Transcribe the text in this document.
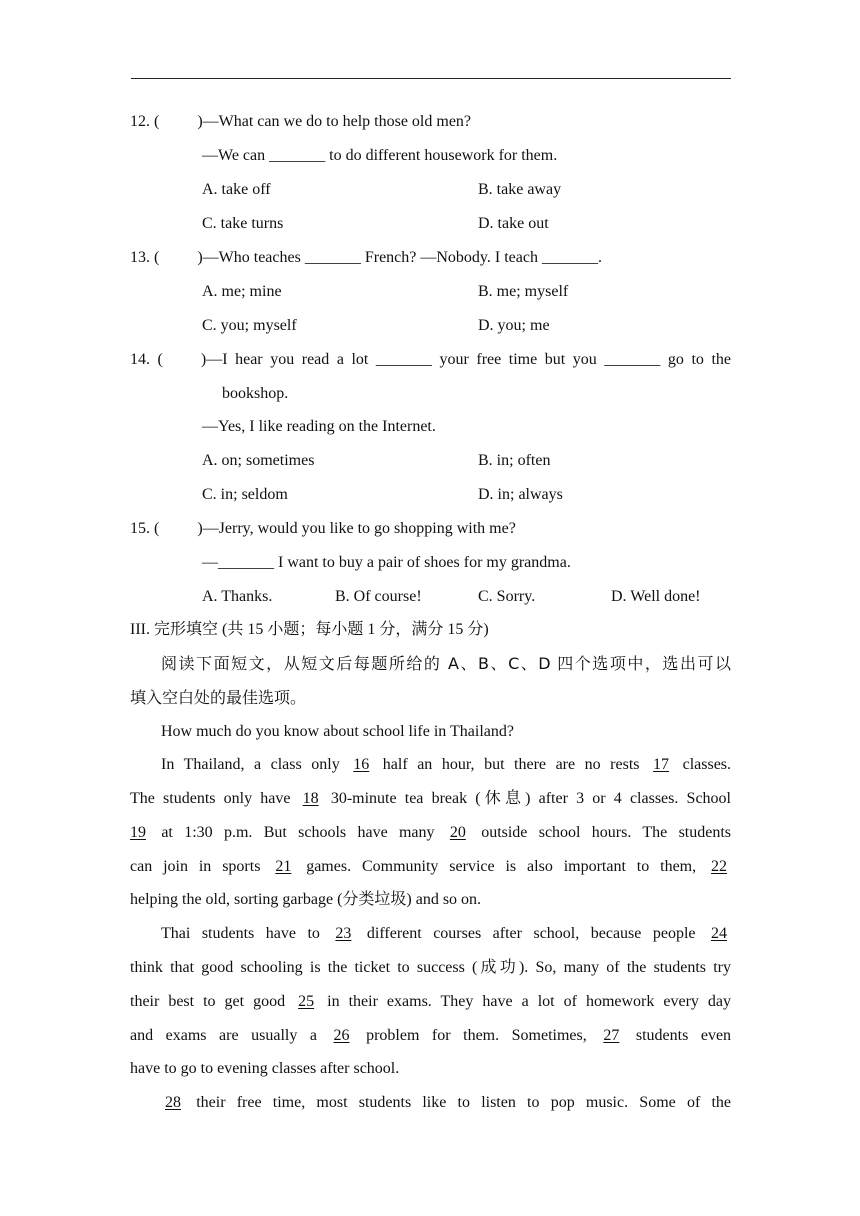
12. ( )—What can we do to help those old men?
—We can _______ to do different housework for them.
A. take off	B. take away
C. take turns	D. take out
13. ( )—Who teaches _______ French? —Nobody. I teach _______.
A. me; mine	B. me; myself
C. you; myself	D. you; me
14. ( )—I hear you read a lot _______ your free time but you _______ go to the
bookshop.
—Yes, I like reading on the Internet.
A. on; sometimes	B. in; often
C. in; seldom	D. in; always
15. ( )—Jerry, would you like to go shopping with me?
—_______ I want to buy a pair of shoes for my grandma.
A. Thanks.	B. Of course!	C. Sorry.	D. Well done!
III. 完形填空 (共 15 小题；每小题 1 分，满分 15 分)
阅读下面短文，从短文后每题所给的 A、B、C、D 四个选项中，选出可以
填入空白处的最佳选项。
How much do you know about school life in Thailand?
In Thailand, a class only 16 half an hour, but there are no rests 17 classes.
The students only have 18 30-minute tea break (休息) after 3 or 4 classes. School
19 at 1:30 p.m. But schools have many 20 outside school hours. The students
can join in sports 21 games. Community service is also important to them, 22
helping the old, sorting garbage (分类垃圾) and so on.
Thai students have to 23 different courses after school, because people 24
think that good schooling is the ticket to success (成功). So, many of the students try
their best to get good 25 in their exams. They have a lot of homework every day
and exams are usually a 26 problem for them. Sometimes, 27 students even
have to go to evening classes after school.
28 their free time, most students like to listen to pop music. Some of the
